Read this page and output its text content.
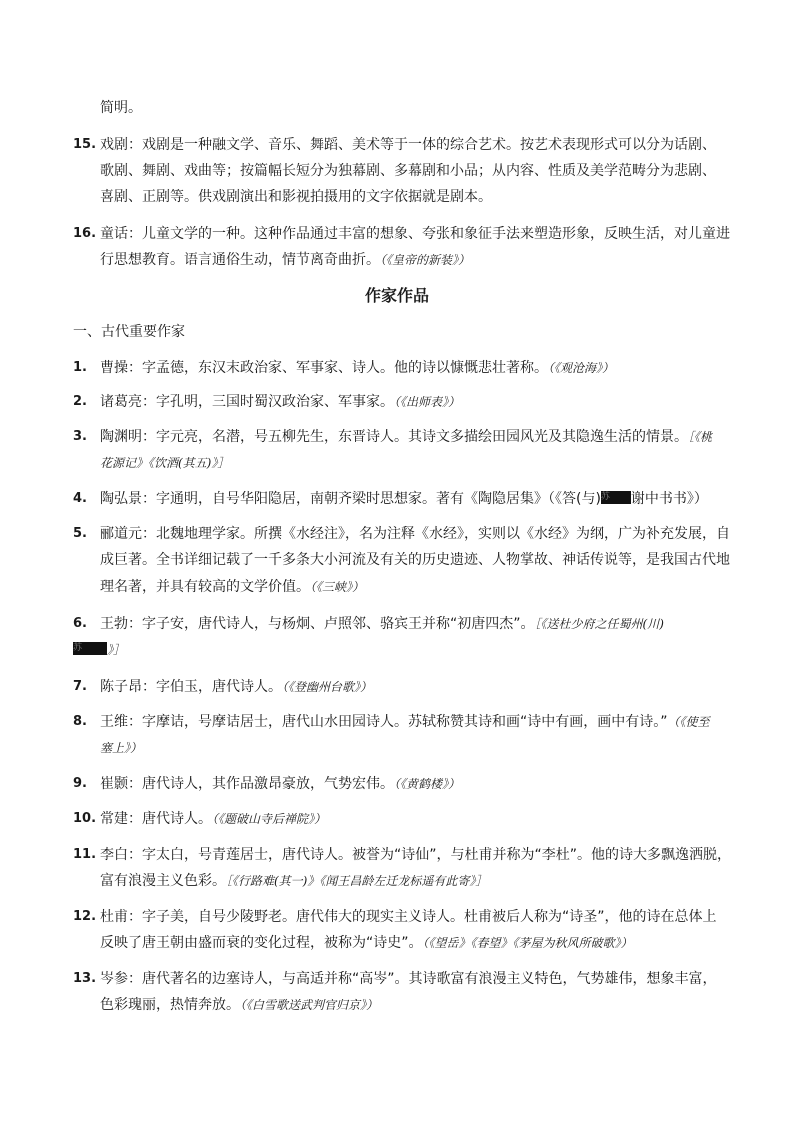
简明。
15. 戏剧：戏剧是一种融文学、音乐、舞蹈、美术等于一体的综合艺术。按艺术表现形式可以分为话剧、
歌剧、舞剧、戏曲等；按篇幅长短分为独幕剧、多幕剧和小品；从内容、性质及美学范畴分为悲剧、
喜剧、正剧等。供戏剧演出和影视拍摄用的文字依据就是剧本。
16. 童话：儿童文学的一种。这种作品通过丰富的想象、夸张和象征手法来塑造形象，反映生活，对儿童进
行思想教育。语言通俗生动，情节离奇曲折。（《皇帝的新装》）
作家作品
一、古代重要作家
1. 曹操：字孟德，东汉末政治家、军事家、诗人。他的诗以慷慨悲壮著称。（《观沧海》）
2. 诸葛亮：字孔明，三国时蜀汉政治家、军事家。（《出师表》）
3. 陶渊明：字元亮，名潜，号五柳先生，东晋诗人。其诗文多描绘田园风光及其隐逸生活的情景。［《桃
花源记》《饮酒(其五)》］
4. 陶弘景：字通明，自号华阳隐居，南朝齐梁时思想家。著有《陶隐居集》（《答(与)苏 谢中书书》）
5. 郦道元：北魏地理学家。所撰《水经注》，名为注释《水经》，实则以《水经》为纲，广为补充发展，自
成巨著。全书详细记载了一千多条大小河流及有关的历史遗迹、人物掌故、神话传说等，是我国古代地
理名著，并具有较高的文学价值。（《三峡》）
6. 王勃：字子安，唐代诗人，与杨炯、卢照邻、骆宾王并称“初唐四杰”。［《送杜少府之任蜀州(川)
苏 》］
7. 陈子昂：字伯玉，唐代诗人。（《登幽州台歌》）
8. 王维：字摩诘，号摩诘居士，唐代山水田园诗人。苏轼称赞其诗和画“诗中有画，画中有诗。”（《使至
塞上》）
9. 崔颢：唐代诗人，其作品激昂豪放，气势宏伟。（《黄鹤楼》）
10. 常建：唐代诗人。（《题破山寺后禅院》）
11. 李白：字太白，号青莲居士，唐代诗人。被誉为“诗仙”，与杜甫并称为“李杜”。他的诗大多飘逸洒脱，
富有浪漫主义色彩。［《行路难(其一)》《闻王昌龄左迁龙标遥有此寄》］
12. 杜甫：字子美，自号少陵野老。唐代伟大的现实主义诗人。杜甫被后人称为“诗圣”，他的诗在总体上
反映了唐王朝由盛而衰的变化过程，被称为“诗史”。（《望岳》《春望》《茅屋为秋风所破歌》）
13. 岑参：唐代著名的边塞诗人，与高适并称“高岑”。其诗歌富有浪漫主义特色，气势雄伟，想象丰富，
色彩瑰丽，热情奔放。（《白雪歌送武判官归京》）
